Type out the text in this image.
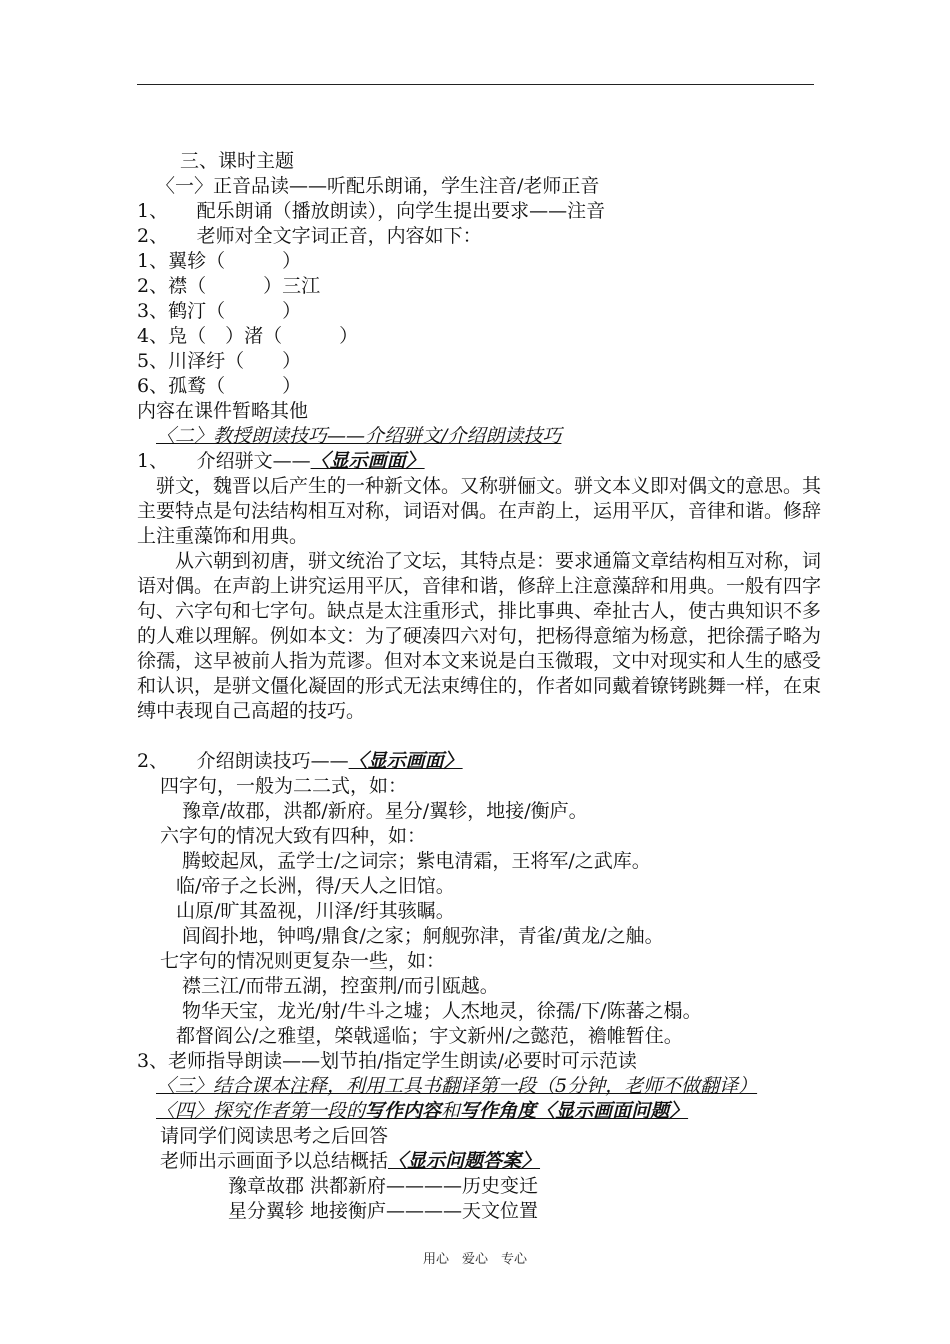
三、课时主题
〈一〉正音品读——听配乐朗诵，学生注音/老师正音
1、　　配乐朗诵（播放朗读），向学生提出要求——注音
2、　　老师对全文字词正音，内容如下：
1、翼轸（　　　）
2、襟（　　　）三江
3、鹤汀（　　　）
4、凫（　）渚（　　　）
5、川泽纡（　　）
6、孤鹜（　　　）
内容在课件暂略其他
〈二〉教授朗读技巧——介绍骈文/介绍朗读技巧
1、　　介绍骈文——〈显示画面〉
　骈文，魏晋以后产生的一种新文体。又称骈俪文。骈文本义即对偶文的意思。其主要特点是句法结构相互对称，词语对偶。在声韵上，运用平仄，音律和谐。修辞上注重藻饰和用典。
　　从六朝到初唐，骈文统治了文坛，其特点是：要求通篇文章结构相互对称，词语对偶。在声韵上讲究运用平仄，音律和谐，修辞上注意藻辞和用典。一般有四字句、六字句和七字句。缺点是太注重形式，排比事典、牵扯古人，使古典知识不多的人难以理解。例如本文：为了硬凑四六对句，把杨得意缩为杨意，把徐孺子略为徐孺，这早被前人指为荒谬。但对本文来说是白玉微瑕，文中对现实和人生的感受和认识，是骈文僵化凝固的形式无法束缚住的，作者如同戴着镣铐跳舞一样，在束缚中表现自己高超的技巧。
2、　　介绍朗读技巧——〈显示画面〉
四字句，一般为二二式，如：
豫章/故郡，洪都/新府。星分/翼轸，地接/衡庐。
六字句的情况大致有四种，如：
腾蛟起凤，孟学士/之词宗；紫电清霜，王将军/之武库。
临/帝子之长洲，得/天人之旧馆。
山原/旷其盈视，川泽/纡其骇瞩。
闾阎扑地，钟鸣/鼎食/之家；舸舰弥津，青雀/黄龙/之舳。
七字句的情况则更复杂一些，如：
襟三江/而带五湖，控蛮荆/而引瓯越。
物华天宝，龙光/射/牛斗之墟；人杰地灵，徐孺/下/陈蕃之榻。
都督阎公/之雅望，棨戟遥临；宇文新州/之懿范，襜帷暂住。
3、老师指导朗读——划节拍/指定学生朗读/必要时可示范读
〈三〉结合课本注释，利用工具书翻译第一段（5分钟，老师不做翻译）
〈四〉探究作者第一段的写作内容和写作角度〈显示画面问题〉
请同学们阅读思考之后回答
老师出示画面予以总结概括〈显示问题答案〉
豫章故郡 洪都新府————历史变迁
星分翼轸 地接衡庐————天文位置
用心　爱心　专心
